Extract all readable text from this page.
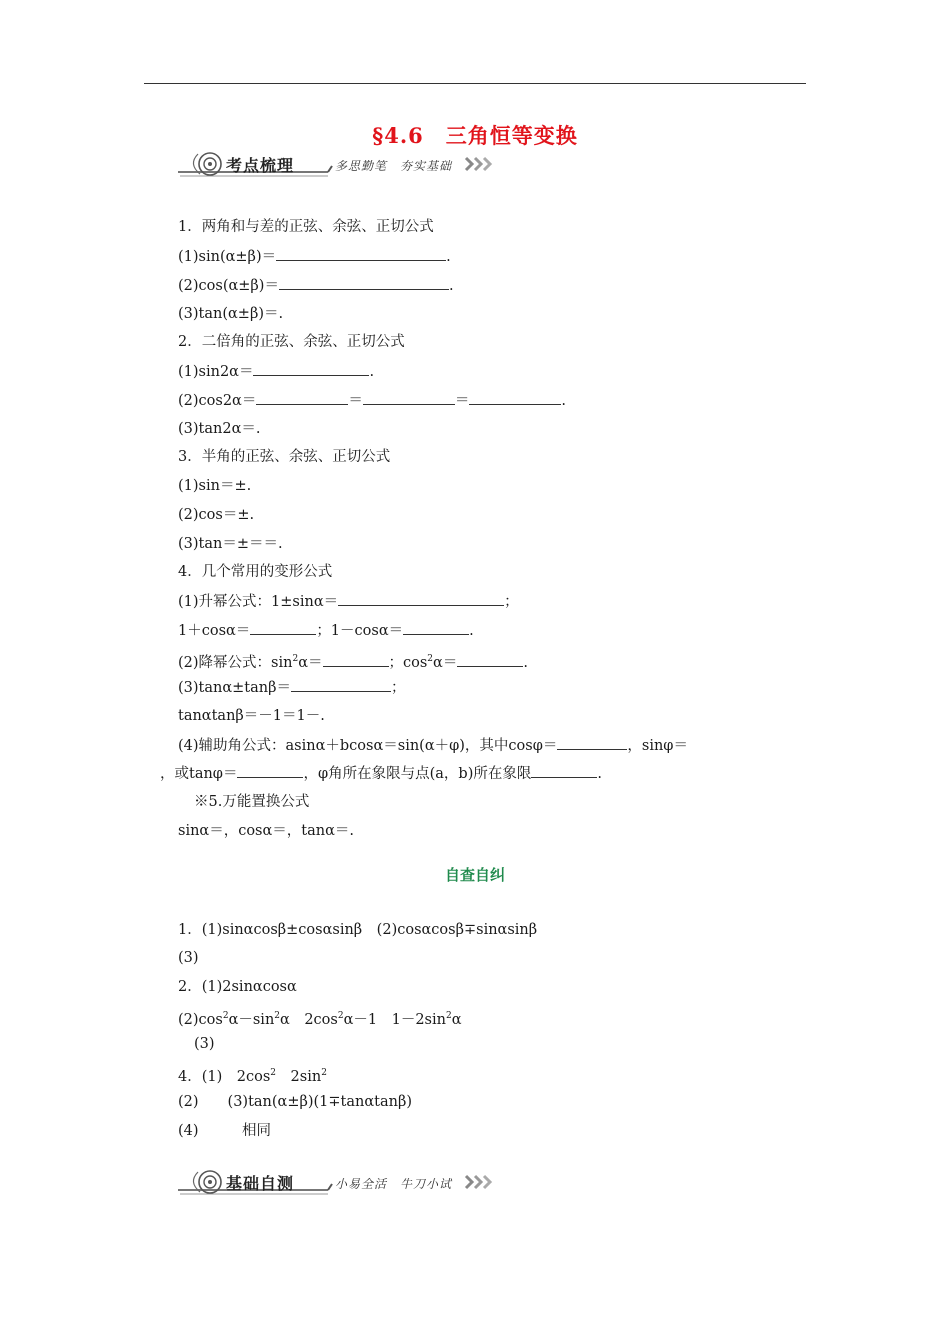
§4.6　三角恒等变换
考点梳理	多思勤笔　夯实基础
1．两角和与差的正弦、余弦、正切公式
(1)sin(α±β)＝	.
(2)cos(α±β)＝	.
(3)tan(α±β)＝.
2．二倍角的正弦、余弦、正切公式
(1)sin2α＝	.
(2)cos2α＝	＝	＝	.
(3)tan2α＝.
3．半角的正弦、余弦、正切公式
(1)sin＝±.
(2)cos＝±.
(3)tan＝±＝＝.
4．几个常用的变形公式
(1)升幂公式：1±sinα＝	；
1＋cosα＝	；1－cosα＝	.
(2)降幂公式：$\sin^2\alpha=$	；$\cos^2\alpha=$	.
(3)tanα±tanβ＝	；
tanαtanβ＝－1＝1－.
(4)辅助角公式：asinα＋bcosα＝sin(α＋φ)，其中cosφ＝	，sinφ＝
，或tanφ＝	，φ角所在象限与点(a，b)所在象限	.
※5.万能置换公式
sinα＝，cosα＝，tanα＝.
自查自纠
1．(1)sinαcosβ±cosαsinβ　(2)cosαcosβ∓sinαsinβ
(3)
2．(1)2sinαcosα
$(2)\cos^2\alpha-\sin^2\alpha$　$2\cos^2\alpha-1$　$1-2\sin^2\alpha$
(3)
4．(1)　$2\cos^2$　$2\sin^2$
(2)　　(3)tan(α±β)(1∓tanαtanβ)
(4)　　　相同
基础自测	小易全活　牛刀小试
